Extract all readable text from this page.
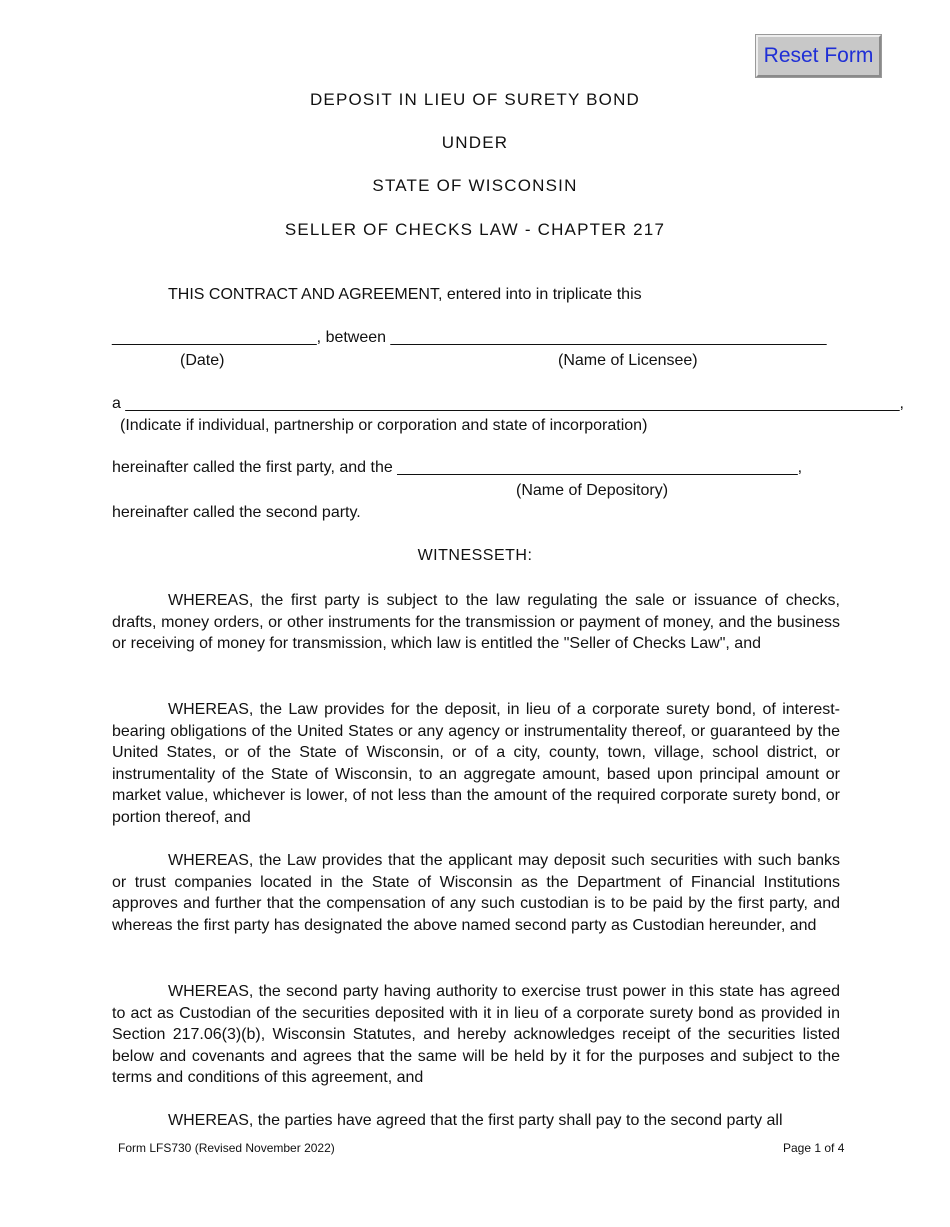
Reset Form
DEPOSIT IN LIEU OF SURETY BOND
UNDER
STATE OF WISCONSIN
SELLER OF CHECKS LAW - CHAPTER 217
THIS CONTRACT AND AGREEMENT, entered into in triplicate this
_______________________, between _________________________________________________
(Date)	(Name of Licensee)
a _______________________________________________________________________________________,
(Indicate if individual, partnership or corporation and state of incorporation)
hereinafter called the first party, and the _____________________________________________,
(Name of Depository)
hereinafter called the second party.
WITNESSETH:

WHEREAS, the first party is subject to the law regulating the sale or issuance of checks, drafts, money orders, or other instruments for the transmission or payment of money, and the business or receiving of money for transmission, which law is entitled the "Seller of Checks Law", and

WHEREAS, the Law provides for the deposit, in lieu of a corporate surety bond, of interest-bearing obligations of the United States or any agency or instrumentality thereof, or guaranteed by the United States, or of the State of Wisconsin, or of a city, county, town, village, school district, or instrumentality of the State of Wisconsin, to an aggregate amount, based upon principal amount or market value, whichever is lower, of not less than the amount of the required corporate surety bond, or portion thereof, and

WHEREAS, the Law provides that the applicant may deposit such securities with such banks or trust companies located in the State of Wisconsin as the Department of Financial Institutions approves and further that the compensation of any such custodian is to be paid by the first party, and whereas the first party has designated the above named second party as Custodian hereunder, and

WHEREAS, the second party having authority to exercise trust power in this state has agreed to act as Custodian of the securities deposited with it in lieu of a corporate surety bond as provided in Section 217.06(3)(b), Wisconsin Statutes, and hereby acknowledges receipt of the securities listed below and covenants and agrees that the same will be held by it for the purposes and subject to the terms and conditions of this agreement, and

WHEREAS, the parties have agreed that the first party shall pay to the second party all

Form LFS730 (Revised November 2022)	Page 1 of 4
